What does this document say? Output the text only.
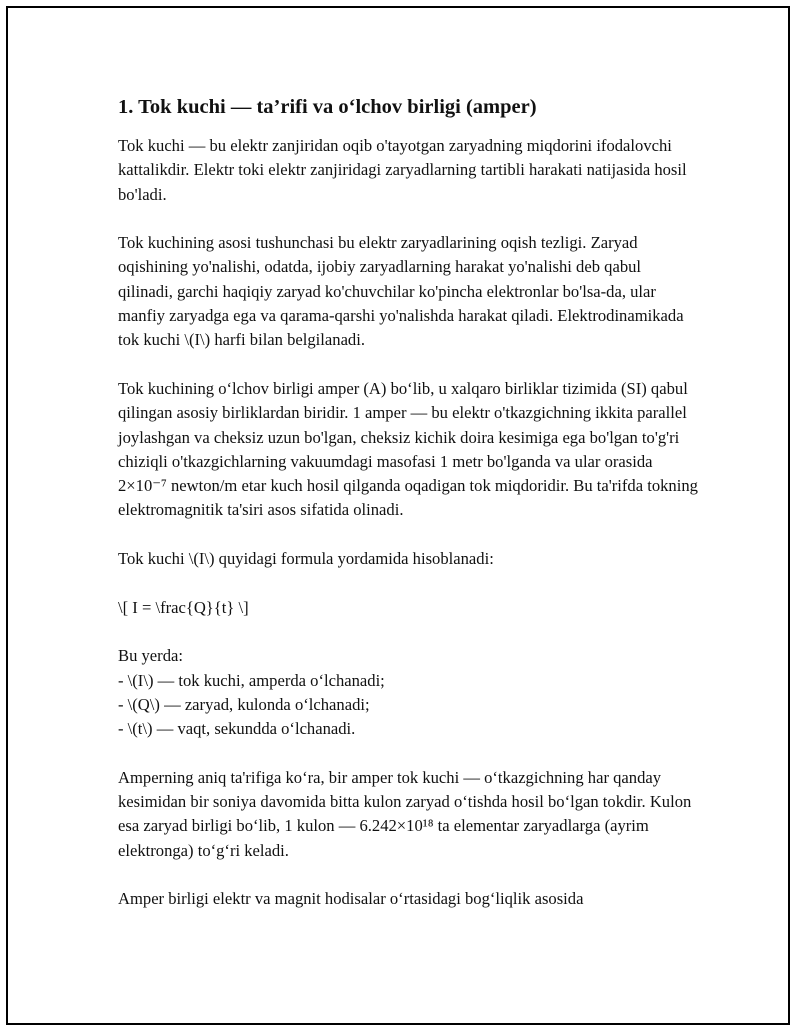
1. Tok kuchi — ta’rifi va o‘lchov birligi (amper)

Tok kuchi — bu elektr zanjiridan oqib o'tayotgan zaryadning miqdorini ifodalovchi kattalikdir. Elektr toki elektr zanjiridagi zaryadlarning tartibli harakati natijasida hosil bo'ladi.

Tok kuchining asosi tushunchasi bu elektr zaryadlarining oqish tezligi. Zaryad oqishining yo'nalishi, odatda, ijobiy zaryadlarning harakat yo'nalishi deb qabul qilinadi, garchi haqiqiy zaryad ko'chuvchilar ko'pincha elektronlar bo'lsa-da, ular manfiy zaryadga ega va qarama-qarshi yo'nalishda harakat qiladi. Elektrodinamikada tok kuchi \(I\) harfi bilan belgilanadi.

Tok kuchining o‘lchov birligi amper (A) bo‘lib, u xalqaro birliklar tizimida (SI) qabul qilingan asosiy birliklardan biridir. 1 amper — bu elektr o'tkazgichning ikkita parallel joylashgan va cheksiz uzun bo'lgan, cheksiz kichik doira kesimiga ega bo'lgan to'g'ri chiziqli o'tkazgichlarning vakuumdagi masofasi 1 metr bo'lganda va ular orasida 2×10⁻⁷ newton/m etar kuch hosil qilganda oqadigan tok miqdoridir. Bu ta'rifda tokning elektromagnitik ta'siri asos sifatida olinadi.

Tok kuchi \(I\) quyidagi formula yordamida hisoblanadi:

\[ I = \frac{Q}{t} \]
Bu yerda:
- \(I\) — tok kuchi, amperda o‘lchanadi;
- \(Q\) — zaryad, kulonda o‘lchanadi;
- \(t\) — vaqt, sekundda o‘lchanadi.

Amperning aniq ta'rifiga ko‘ra, bir amper tok kuchi — o‘tkazgichning har qanday kesimidan bir soniya davomida bitta kulon zaryad o‘tishda hosil bo‘lgan tokdir. Kulon esa zaryad birligi bo‘lib, 1 kulon — 6.242×10¹⁸ ta elementar zaryadlarga (ayrim elektronga) to‘g‘ri keladi.

Amper birligi elektr va magnit hodisalar o‘rtasidagi bog‘liqlik asosida
